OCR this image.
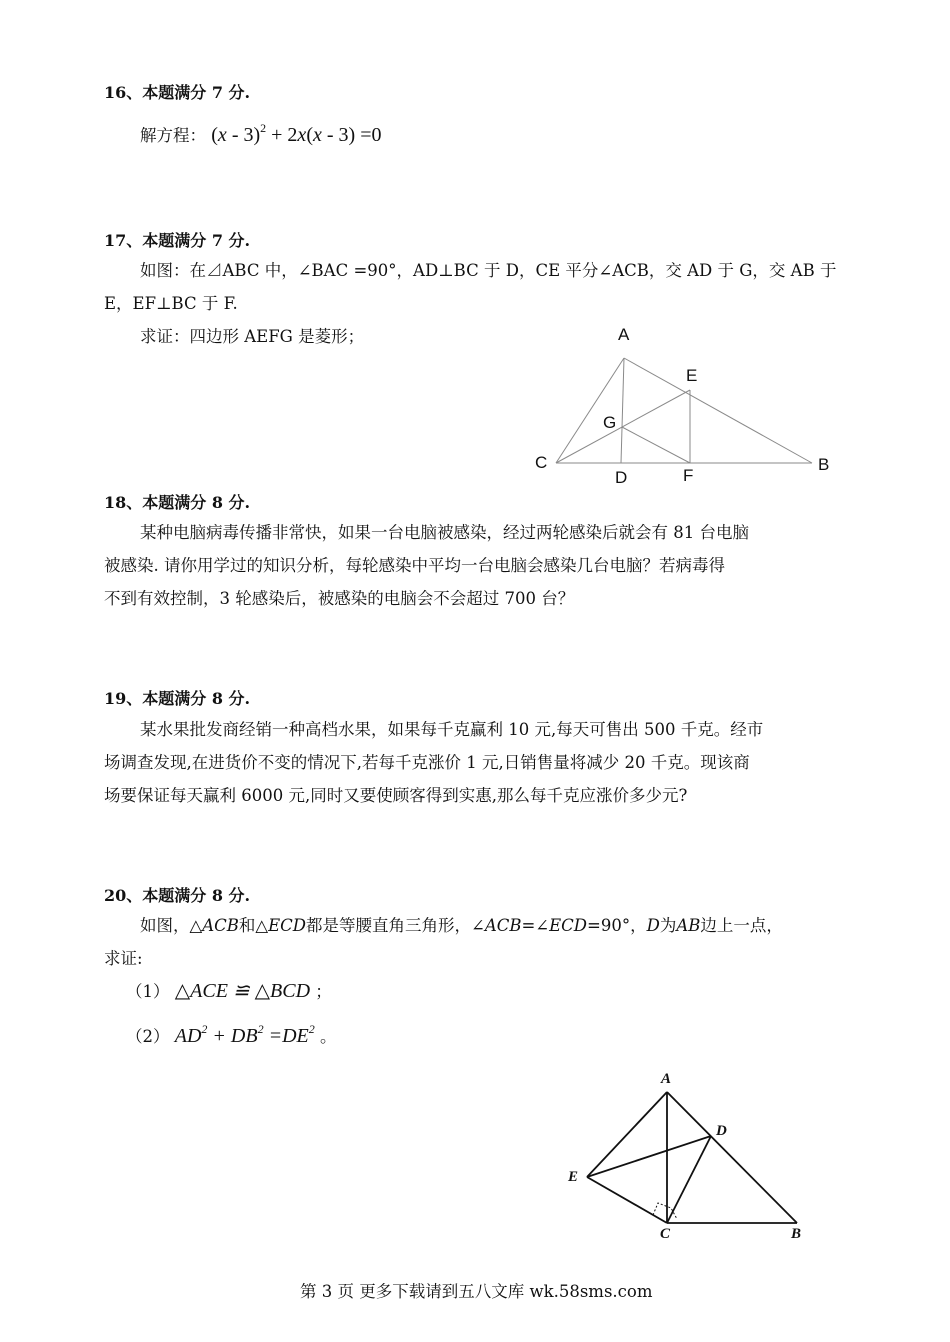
16、本题满分 7 分.
解方程： (x - 3)$^2$ + 2x(x - 3) =0
17、本题满分 7 分.
如图：在⊿ABC 中，∠BAC =90°，AD⊥BC 于 D，CE 平分∠ACB，交 AD 于 G，交 AB 于
E，EF⊥BC 于 F.
求证：四边形 AEFG 是菱形；	A
E
G
C
D	F
B
18、本题满分 8 分.
某种电脑病毒传播非常快，如果一台电脑被感染，经过两轮感染后就会有 81 台电脑
被感染. 请你用学过的知识分析，每轮感染中平均一台电脑会感染几台电脑？若病毒得
不到有效控制，3 轮感染后，被感染的电脑会不会超过 700 台？
19、本题满分 8 分.
某水果批发商经销一种高档水果，如果每千克赢利 10 元,每天可售出 500 千克。经市
场调查发现,在进货价不变的情况下,若每千克涨价 1 元,日销售量将减少 20 千克。现该商
场要保证每天赢利 6000 元,同时又要使顾客得到实惠,那么每千克应涨价多少元?
20、本题满分 8 分.
如图，△ACB和△ECD都是等腰直角三角形，∠ACB=∠ECD=90°，D为AB边上一点，
求证:
（1） △ACE ≌ △BCD ；
（2） $AD^2 + DB^2 =DE^2$ 。
A
D
E
C	B
第 3 页 更多下载请到五八文库 wk.58sms.com
